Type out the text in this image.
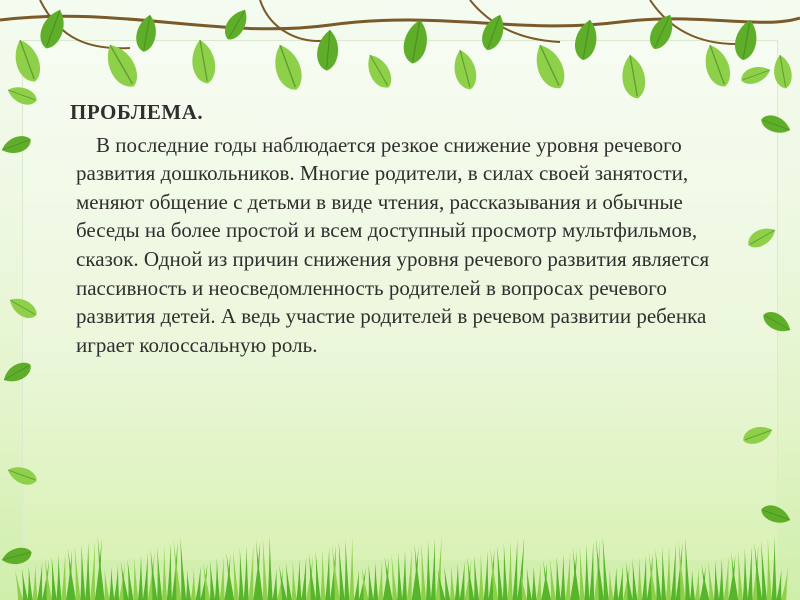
ПРОБЛЕМА.

В последние годы наблюдается резкое снижение уровня речевого развития дошкольников. Многие родители, в силах своей занятости, меняют общение с детьми в виде чтения, рассказывания и обычные беседы на более простой и всем доступный просмотр мультфильмов, сказок. Одной из причин снижения уровня речевого развития является пассивность и неосведомленность родителей в вопросах речевого развития детей. А ведь участие родителей в речевом развитии ребенка играет колоссальную роль.
